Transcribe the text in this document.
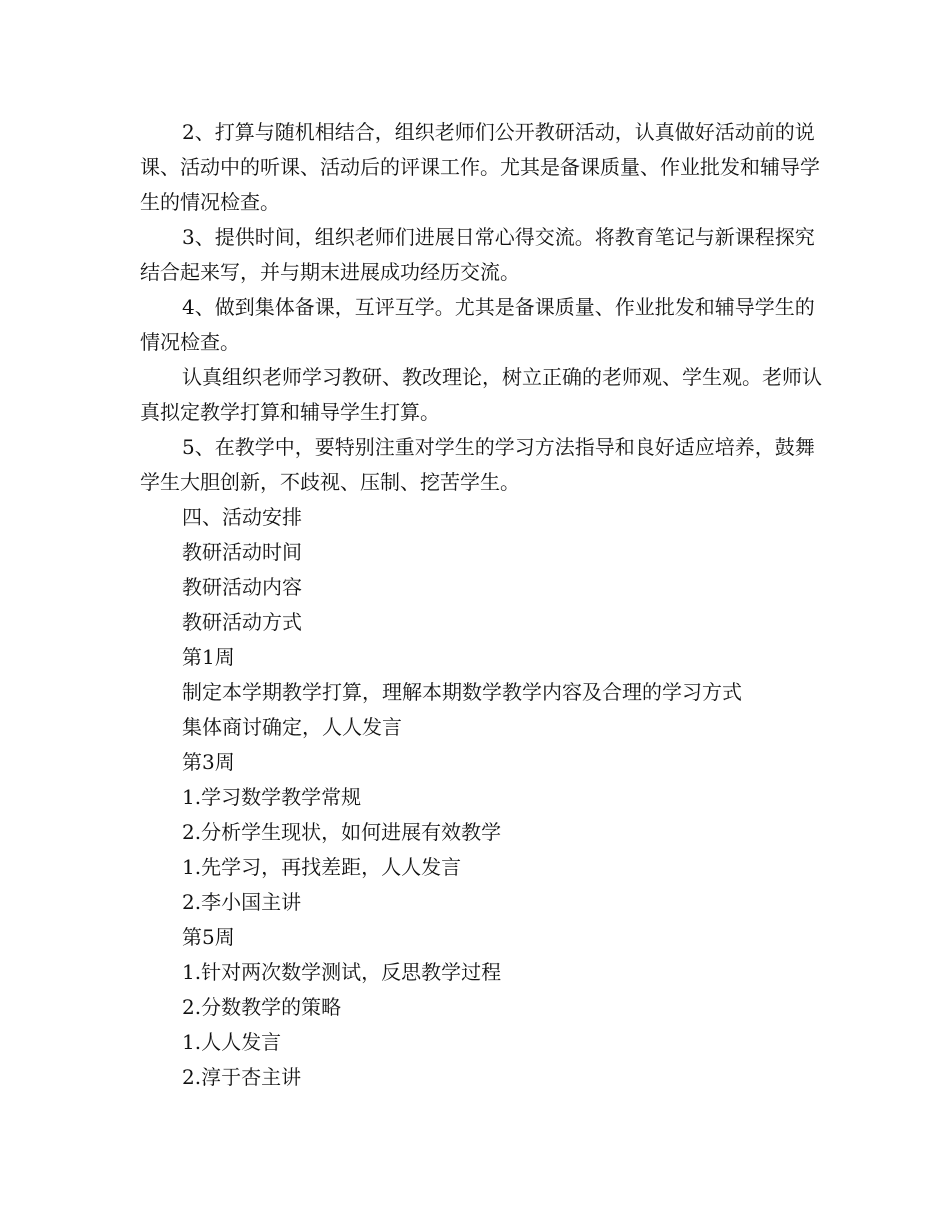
2、打算与随机相结合，组织老师们公开教研活动，认真做好活动前的说课、活动中的听课、活动后的评课工作。尤其是备课质量、作业批发和辅导学生的情况检查。

3、提供时间，组织老师们进展日常心得交流。将教育笔记与新课程探究结合起来写，并与期末进展成功经历交流。

4、做到集体备课，互评互学。尤其是备课质量、作业批发和辅导学生的情况检查。

认真组织老师学习教研、教改理论，树立正确的老师观、学生观。老师认真拟定教学打算和辅导学生打算。

5、在教学中，要特别注重对学生的学习方法指导和良好适应培养，鼓舞学生大胆创新，不歧视、压制、挖苦学生。

四、活动安排

教研活动时间

教研活动内容

教研活动方式

第1周

制定本学期教学打算，理解本期数学教学内容及合理的学习方式

集体商讨确定，人人发言

第3周

1.学习数学教学常规

2.分析学生现状，如何进展有效教学

1.先学习，再找差距，人人发言

2.李小国主讲

第5周

1.针对两次数学测试，反思教学过程

2.分数教学的策略

1.人人发言

2.淳于杏主讲
